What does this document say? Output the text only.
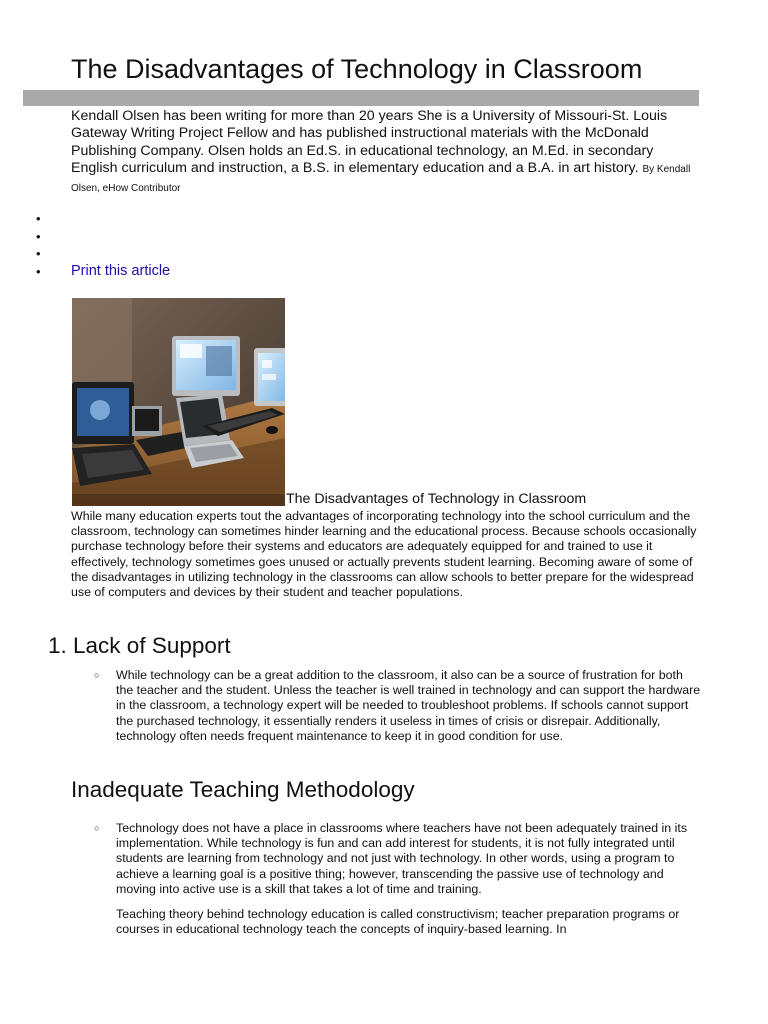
The Disadvantages of Technology in Classroom

Kendall Olsen has been writing for more than 20 years She is a University of Missouri-St. Louis Gateway Writing Project Fellow and has published instructional materials with the McDonald Publishing Company. Olsen holds an Ed.S. in educational technology, an M.Ed. in secondary English curriculum and instruction, a B.S. in elementary education and a B.A. in art history. By Kendall Olsen, eHow Contributor

•
•
•
• Print this article
The Disadvantages of Technology in Classroom

While many education experts tout the advantages of incorporating technology into the school curriculum and the classroom, technology can sometimes hinder learning and the educational process. Because schools occasionally purchase technology before their systems and educators are adequately equipped for and trained to use it effectively, technology sometimes goes unused or actually prevents student learning. Becoming aware of some of the disadvantages in utilizing technology in the classrooms can allow schools to better prepare for the widespread use of computers and devices by their student and teacher populations.

1. Lack of Support
○ While technology can be a great addition to the classroom, it also can be a source of frustration for both the teacher and the student. Unless the teacher is well trained in technology and can support the hardware in the classroom, a technology expert will be needed to troubleshoot problems. If schools cannot support the purchased technology, it essentially renders it useless in times of crisis or disrepair. Additionally, technology often needs frequent maintenance to keep it in good condition for use.

Inadequate Teaching Methodology
○ Technology does not have a place in classrooms where teachers have not been adequately trained in its implementation. While technology is fun and can add interest for students, it is not fully integrated until students are learning from technology and not just with technology. In other words, using a program to achieve a learning goal is a positive thing; however, transcending the passive use of technology and moving into active use is a skill that takes a lot of time and training.

Teaching theory behind technology education is called constructivism; teacher preparation programs or courses in educational technology teach the concepts of inquiry-based learning. In
